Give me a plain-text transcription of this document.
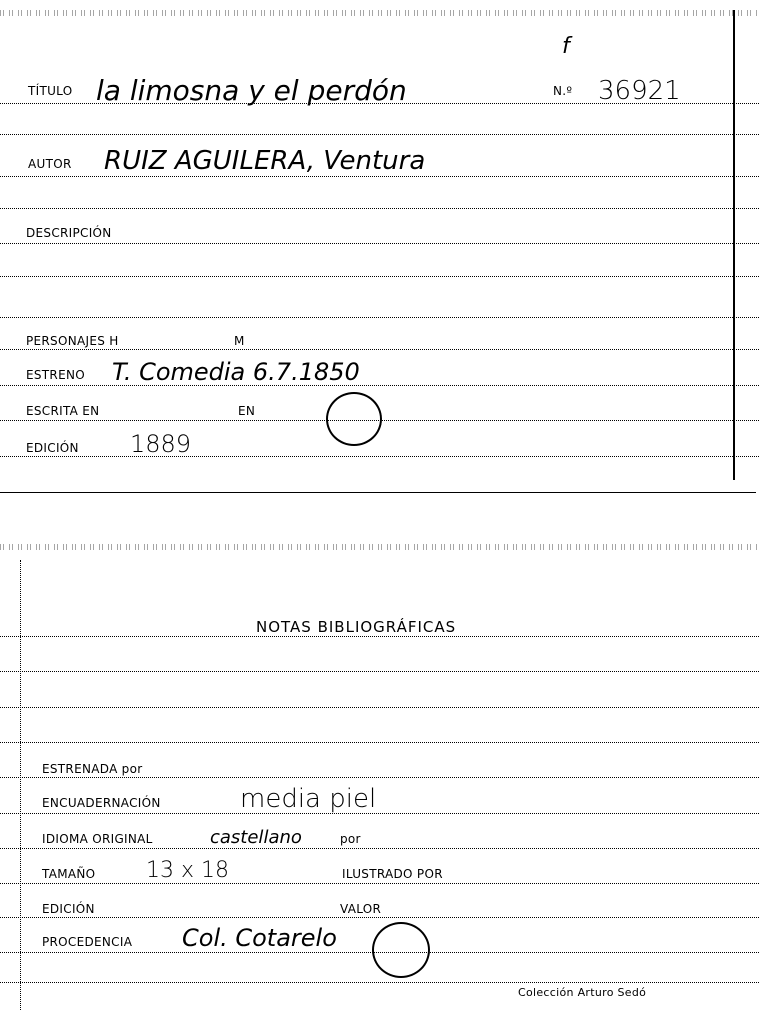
f
TÍTULO la limosna y el perdón	N.º 36921
AUTOR RUIZ AGUILERA, Ventura
DESCRIPCIÓN
PERSONAJES H	M
ESTRENO T. Comedia 6.7.1850
ESCRITA EN	EN
EDICIÓN 1889
NOTAS BIBLIOGRÁFICAS
ESTRENADA por
ENCUADERNACIÓN	media piel
IDIOMA ORIGINAL	castellano	por
TAMAÑO 13 x 18	ILUSTRADO POR
EDICIÓN	VALOR
PROCEDENCIA Col. Cotarelo
Colección Arturo Sedó
